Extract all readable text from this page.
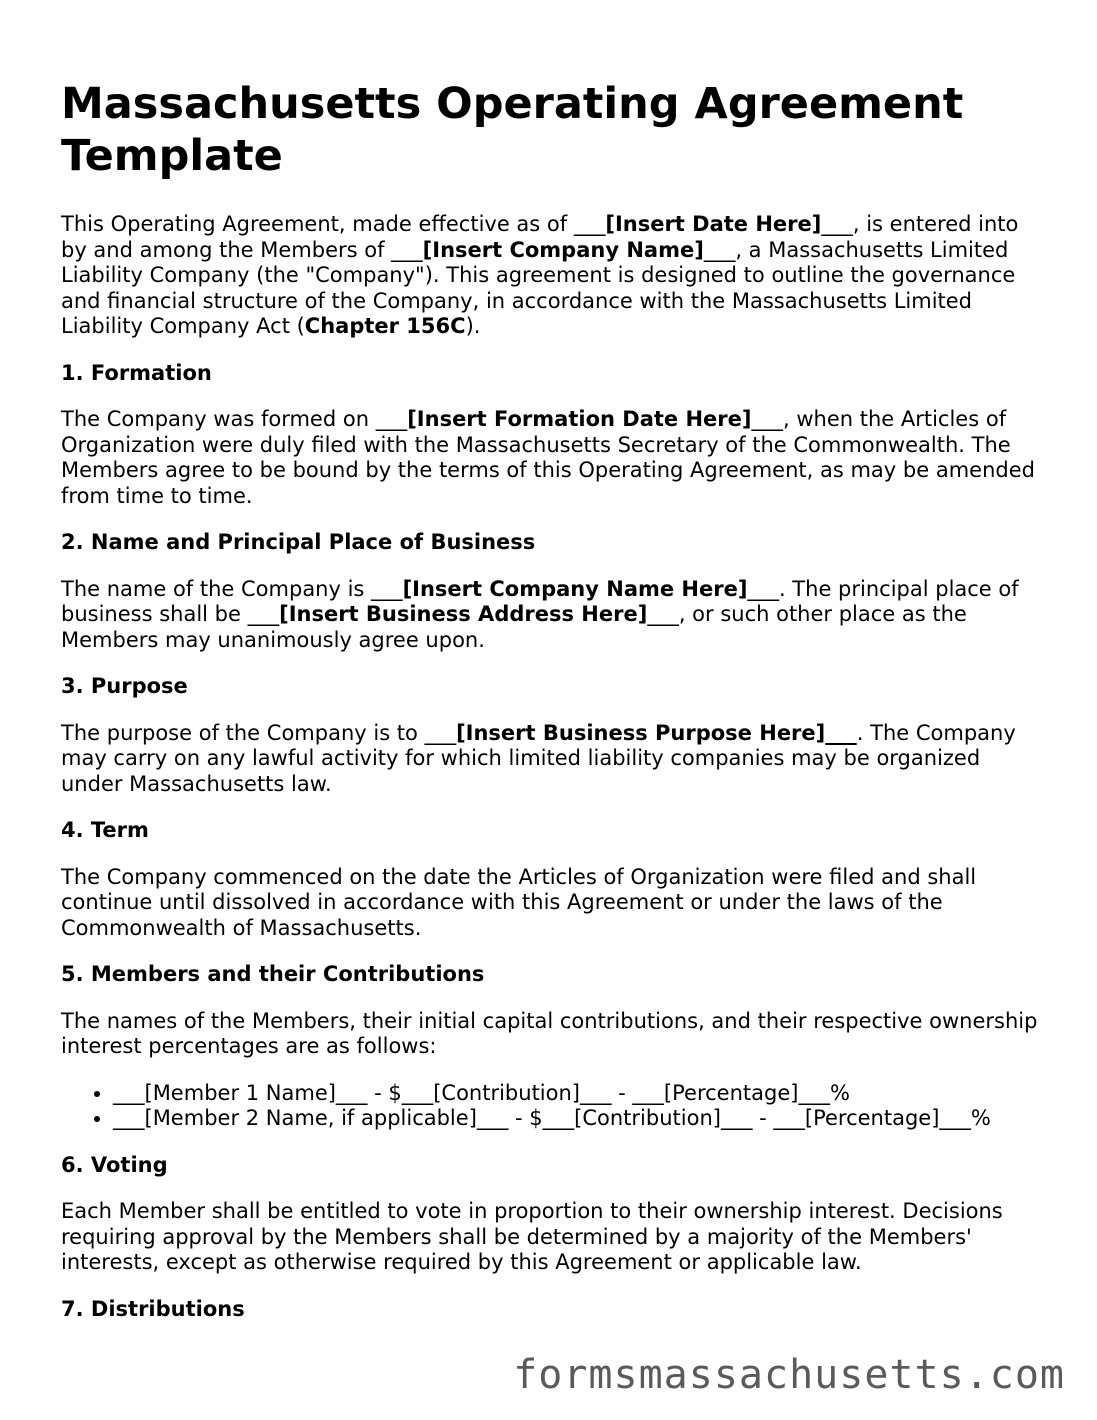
Massachusetts Operating Agreement Template

This Operating Agreement, made effective as of ___[Insert Date Here]___, is entered into by and among the Members of ___[Insert Company Name]___, a Massachusetts Limited Liability Company (the "Company"). This agreement is designed to outline the governance and financial structure of the Company, in accordance with the Massachusetts Limited Liability Company Act (Chapter 156C).

1. Formation

The Company was formed on ___[Insert Formation Date Here]___, when the Articles of Organization were duly filed with the Massachusetts Secretary of the Commonwealth. The Members agree to be bound by the terms of this Operating Agreement, as may be amended from time to time.

2. Name and Principal Place of Business

The name of the Company is ___[Insert Company Name Here]___. The principal place of business shall be ___[Insert Business Address Here]___, or such other place as the Members may unanimously agree upon.

3. Purpose

The purpose of the Company is to ___[Insert Business Purpose Here]___. The Company may carry on any lawful activity for which limited liability companies may be organized under Massachusetts law.

4. Term

The Company commenced on the date the Articles of Organization were filed and shall continue until dissolved in accordance with this Agreement or under the laws of the Commonwealth of Massachusetts.

5. Members and their Contributions

The names of the Members, their initial capital contributions, and their respective ownership interest percentages are as follows:

• ___[Member 1 Name]___ - $___[Contribution]___ - ___[Percentage]___%
• ___[Member 2 Name, if applicable]___ - $___[Contribution]___ - ___[Percentage]___%
6. Voting

Each Member shall be entitled to vote in proportion to their ownership interest. Decisions requiring approval by the Members shall be determined by a majority of the Members' interests, except as otherwise required by this Agreement or applicable law.

7. Distributions
formsmassachusetts.com
